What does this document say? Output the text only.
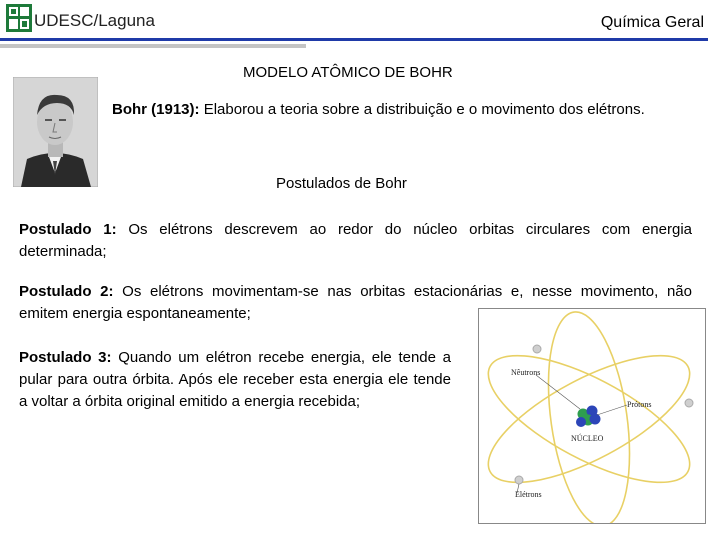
UDESC/Laguna	Química Geral
MODELO ATÔMICO DE BOHR
Bohr (1913): Elaborou a teoria sobre a distribuição e o movimento dos elétrons.
Postulados de Bohr
Postulado 1: Os elétrons descrevem ao redor do núcleo orbitas circulares com energia determinada;
Postulado 2: Os elétrons movimentam-se nas orbitas estacionárias e, nesse movimento, não emitem energia espontaneamente;
Postulado 3: Quando um elétron recebe energia, ele tende a pular para outra órbita. Após ele receber esta energia ele tende a voltar a órbita original emitido a energia recebida;
Nêutrons
Prótons
NÚCLEO
Elétrons
